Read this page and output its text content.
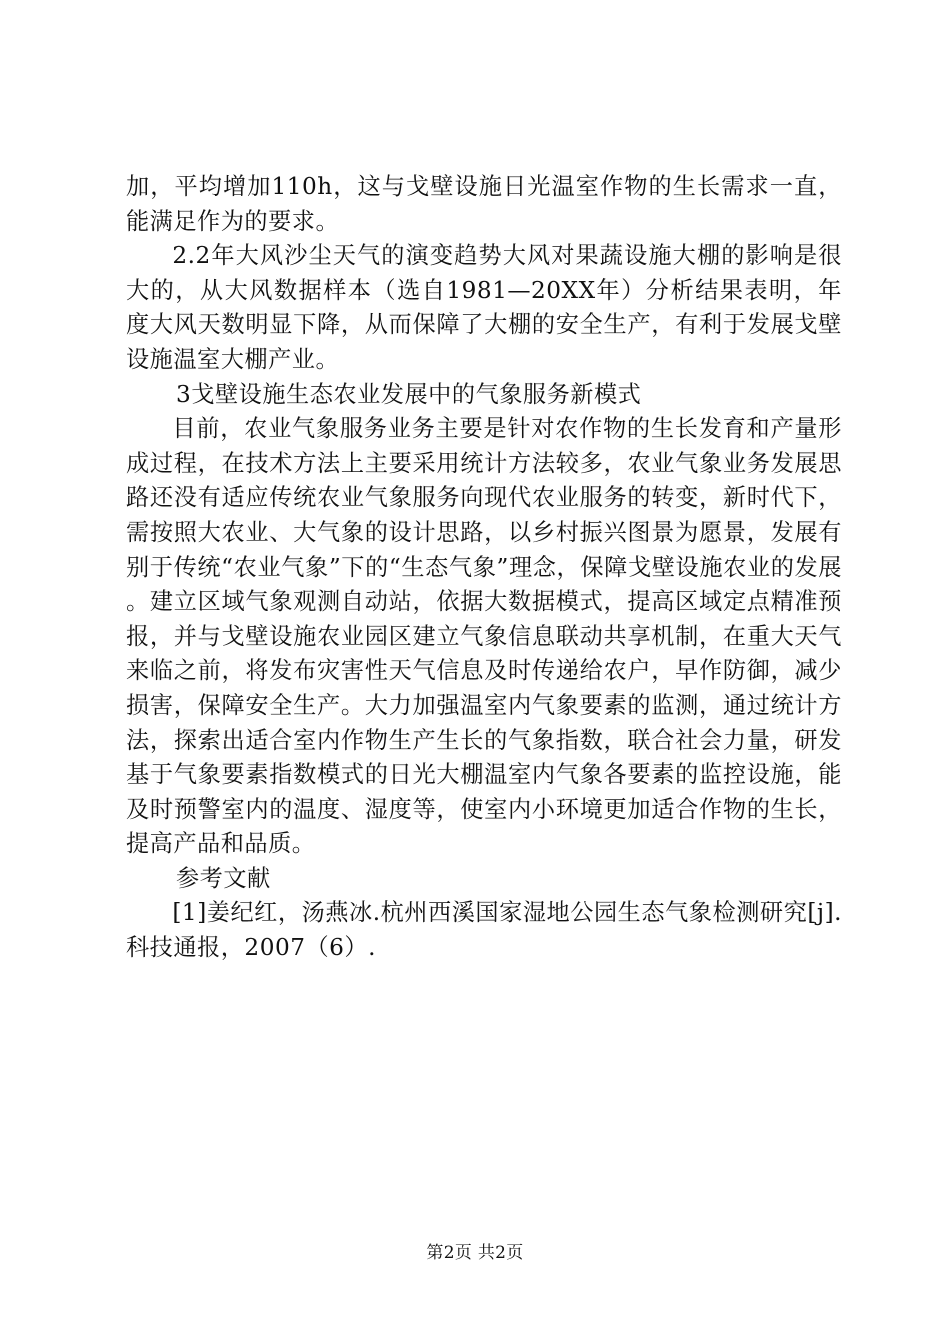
加，平均增加110h，这与戈壁设施日光温室作物的生长需求一直，能满足作为的要求。

2.2年大风沙尘天气的演变趋势大风对果蔬设施大棚的影响是很大的，从大风数据样本（选自1981—20XX年）分析结果表明，年度大风天数明显下降，从而保障了大棚的安全生产，有利于发展戈壁设施温室大棚产业。

3戈壁设施生态农业发展中的气象服务新模式

目前，农业气象服务业务主要是针对农作物的生长发育和产量形成过程，在技术方法上主要采用统计方法较多，农业气象业务发展思路还没有适应传统农业气象服务向现代农业服务的转变，新时代下，需按照大农业、大气象的设计思路，以乡村振兴图景为愿景，发展有别于传统“农业气象”下的“生态气象”理念，保障戈壁设施农业的发展。建立区域气象观测自动站，依据大数据模式，提高区域定点精准预报，并与戈壁设施农业园区建立气象信息联动共享机制，在重大天气来临之前，将发布灾害性天气信息及时传递给农户，早作防御，减少损害，保障安全生产。大力加强温室内气象要素的监测，通过统计方法，探索出适合室内作物生产生长的气象指数，联合社会力量，研发基于气象要素指数模式的日光大棚温室内气象各要素的监控设施，能及时预警室内的温度、湿度等，使室内小环境更加适合作物的生长，提高产品和品质。

参考文献

[1]姜纪红，汤燕冰.杭州西溪国家湿地公园生态气象检测研究[j].科技通报，2007（6）.

第2页 共2页
